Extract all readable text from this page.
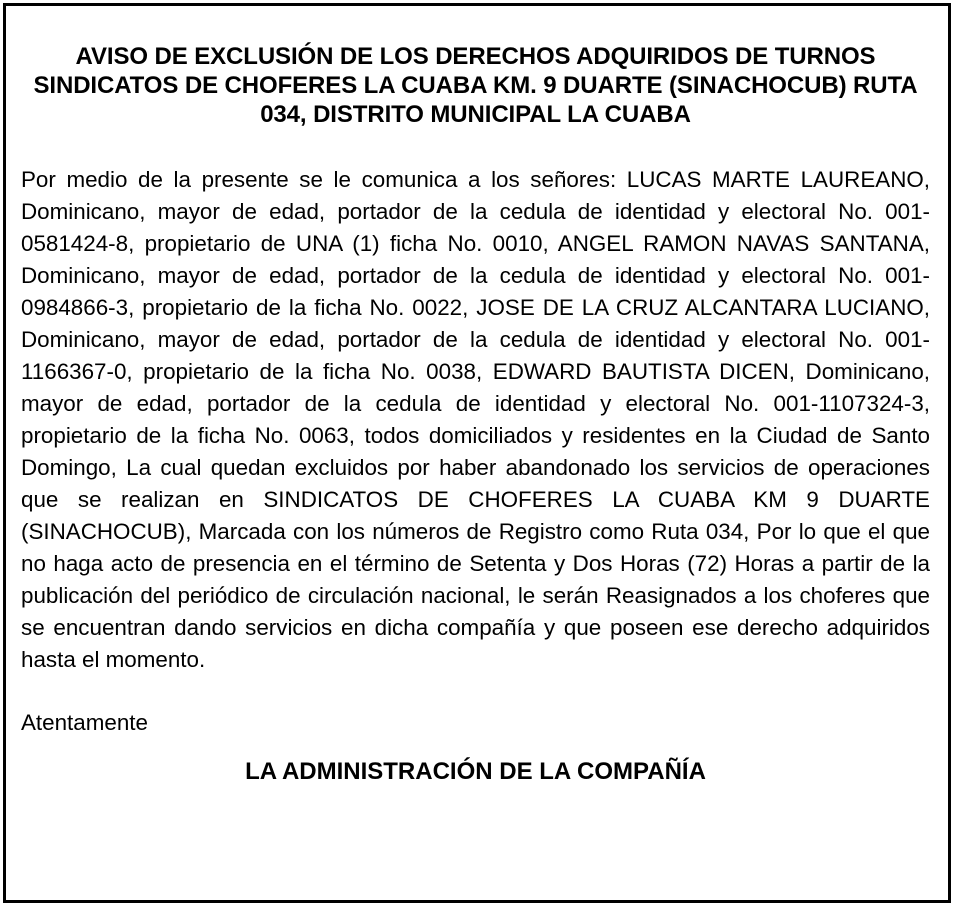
AVISO DE EXCLUSIÓN DE LOS DERECHOS ADQUIRIDOS DE TURNOS SINDICATOS DE CHOFERES LA CUABA KM. 9 DUARTE (SINACHOCUB) RUTA 034, DISTRITO MUNICIPAL LA CUABA

Por medio de la presente se le comunica a los señores: LUCAS MARTE LAUREANO, Dominicano, mayor de edad, portador de la cedula de identidad y electoral No. 001-0581424-8, propietario de UNA (1) ficha No. 0010, ANGEL RAMON NAVAS SANTANA, Dominicano, mayor de edad, portador de la cedula de identidad y electoral No. 001-0984866-3, propietario de la ficha No. 0022, JOSE DE LA CRUZ ALCANTARA LUCIANO, Dominicano, mayor de edad, portador de la cedula de identidad y electoral No. 001-1166367-0, propietario de la ficha No. 0038, EDWARD BAUTISTA DICEN, Dominicano, mayor de edad, portador de la cedula de identidad y electoral No. 001-1107324-3, propietario de la ficha No. 0063, todos domiciliados y residentes en la Ciudad de Santo Domingo, La cual quedan excluidos por haber abandonado los servicios de operaciones que se realizan en SINDICATOS DE CHOFERES LA CUABA KM 9 DUARTE (SINACHOCUB), Marcada con los números de Registro como Ruta 034, Por lo que el que no haga acto de presencia en el término de Setenta y Dos Horas (72) Horas a partir de la publicación del periódico de circulación nacional, le serán Reasignados a los choferes que se encuentran dando servicios en dicha compañía y que poseen ese derecho adquiridos hasta el momento.

Atentamente

LA ADMINISTRACIÓN DE LA COMPAÑÍA
